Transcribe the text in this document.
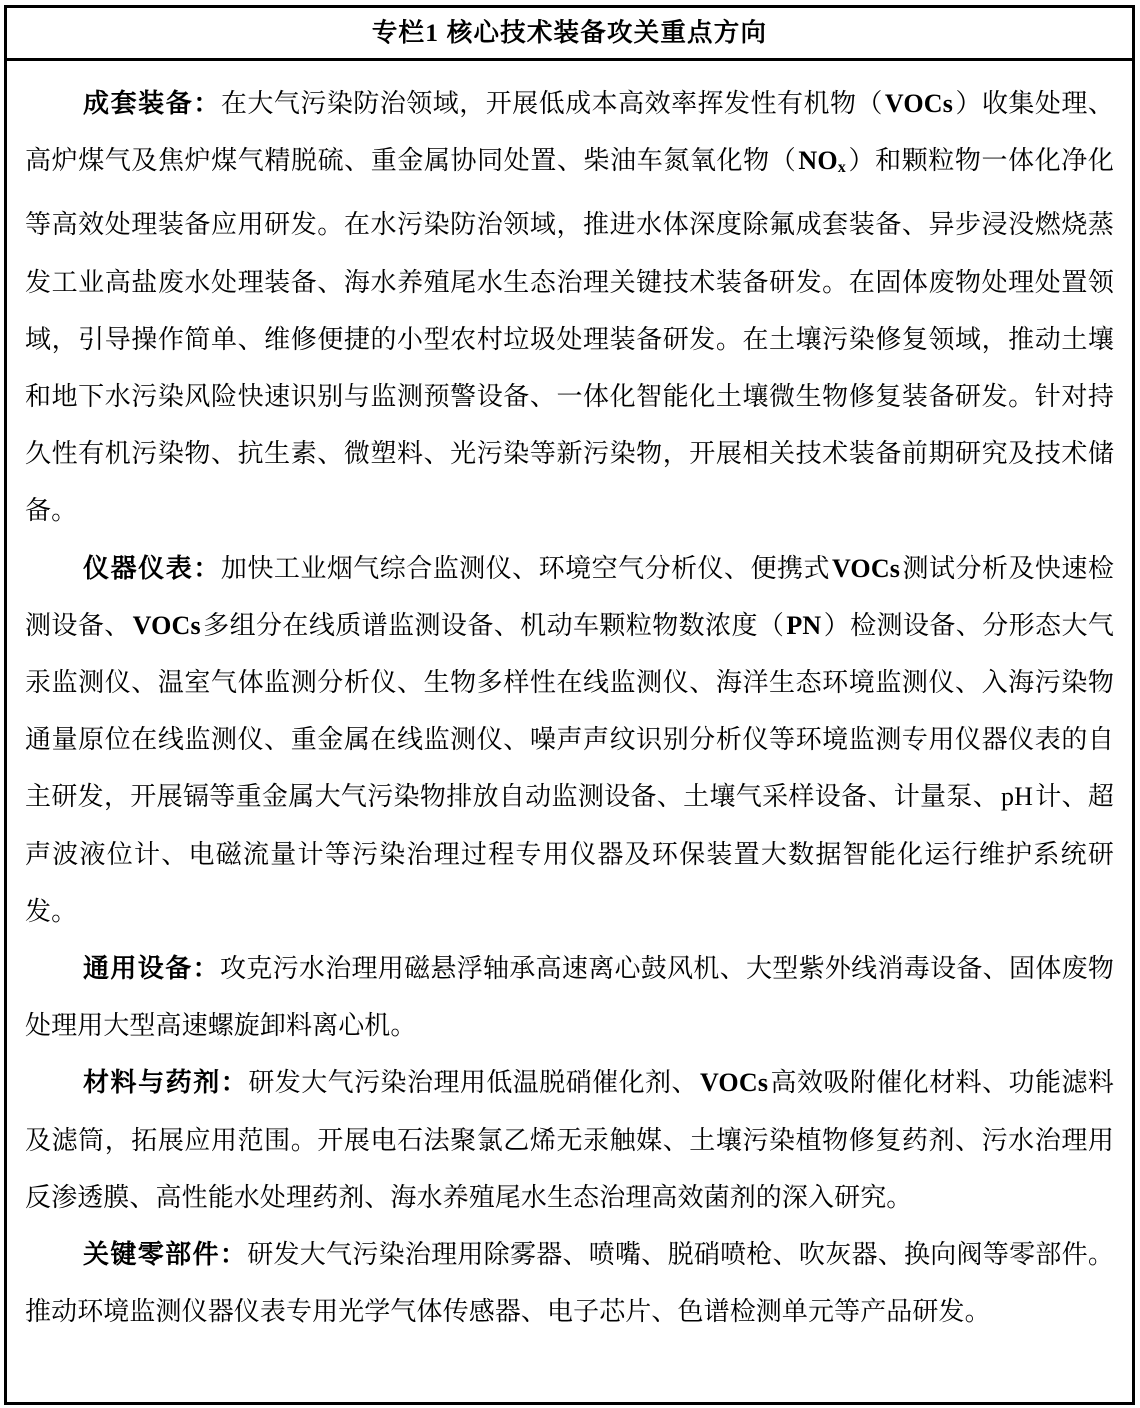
专栏1 核心技术装备攻关重点方向

成套装备：在大气污染防治领域，开展低成本高效率挥发性有机物（VOCs）收集处理、高炉煤气及焦炉煤气精脱硫、重金属协同处置、柴油车氮氧化物$(NO_x)$和颗粒物一体化净化等高效处理装备应用研发。在水污染防治领域，推进水体深度除氟成套装备、异步浸没燃烧蒸发工业高盐废水处理装备、海水养殖尾水生态治理关键技术装备研发。在固体废物处理处置领域，引导操作简单、维修便捷的小型农村垃圾处理装备研发。在土壤污染修复领域，推动土壤和地下水污染风险快速识别与监测预警设备、一体化智能化土壤微生物修复装备研发。针对持久性有机污染物、抗生素、微塑料、光污染等新污染物，开展相关技术装备前期研究及技术储备。

仪器仪表：加快工业烟气综合监测仪、环境空气分析仪、便携式VOCs测试分析及快速检测设备、VOCs多组分在线质谱监测设备、机动车颗粒物数浓度（PN）检测设备、分形态大气汞监测仪、温室气体监测分析仪、生物多样性在线监测仪、海洋生态环境监测仪、入海污染物通量原位在线监测仪、重金属在线监测仪、噪声声纹识别分析仪等环境监测专用仪器仪表的自主研发，开展镉等重金属大气污染物排放自动监测设备、土壤气采样设备、计量泵、pH计、超声波液位计、电磁流量计等污染治理过程专用仪器及环保装置大数据智能化运行维护系统研发。

通用设备：攻克污水治理用磁悬浮轴承高速离心鼓风机、大型紫外线消毒设备、固体废物处理用大型高速螺旋卸料离心机。

材料与药剂：研发大气污染治理用低温脱硝催化剂、VOCs高效吸附催化材料、功能滤料及滤筒，拓展应用范围。开展电石法聚氯乙烯无汞触媒、土壤污染植物修复药剂、污水治理用反渗透膜、高性能水处理药剂、海水养殖尾水生态治理高效菌剂的深入研究。

关键零部件：研发大气污染治理用除雾器、喷嘴、脱硝喷枪、吹灰器、换向阀等零部件。推动环境监测仪器仪表专用光学气体传感器、电子芯片、色谱检测单元等产品研发。
